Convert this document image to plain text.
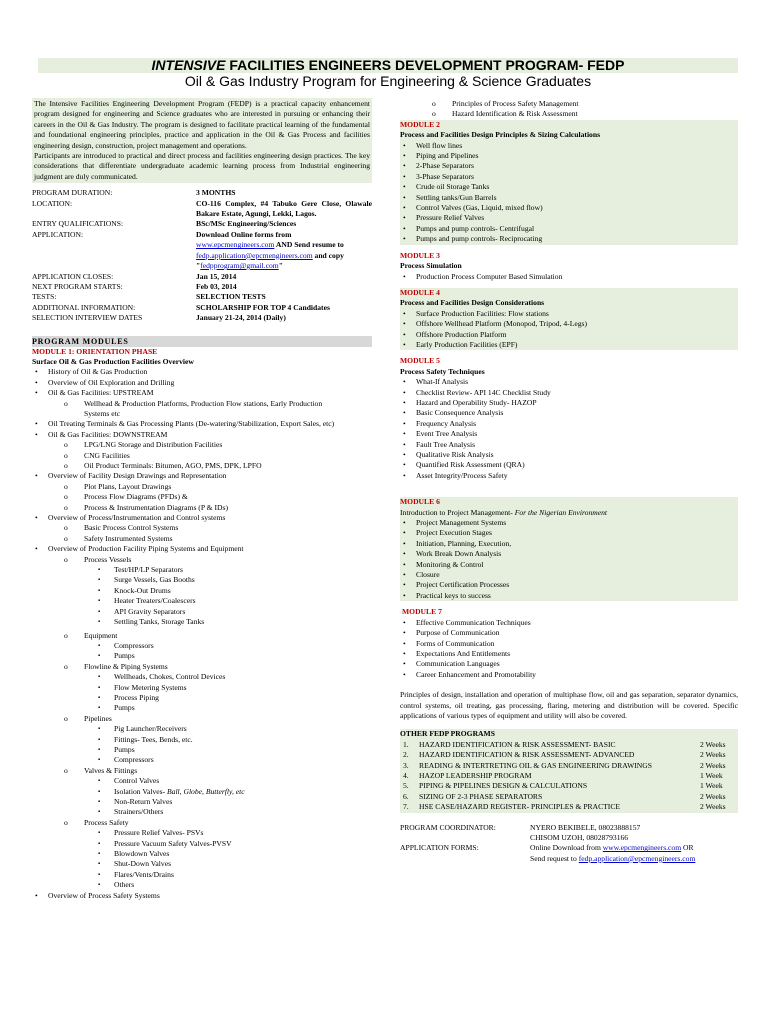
INTENSIVE FACILITIES ENGINEERS DEVELOPMENT PROGRAM- FEDP
Oil & Gas Industry Program for Engineering & Science Graduates

The Intensive Facilities Engineering Development Program (FEDP) is a practical capacity enhancement program designed for engineering and Science graduates who are interested in pursuing or enhancing their careers in the Oil & Gas Industry. The program is designed to facilitate practical learning of the fundamental and foundational engineering principles, practice and application in the Oil & Gas Process and facilities engineering design, construction, project management and operations.

Participants are introduced to practical and direct process and facilities engineering design practices. The key considerations that differentiate undergraduate academic learning process from Industrial engineering judgment are duly communicated.

PROGRAM DURATION:	3 MONTHS
LOCATION:	CO-116 Complex, #4 Tabuko Gere Close, Olawale Bakare Estate, Agungi, Lekki, Lagos.
ENTRY QUALIFICATIONS:	BSc/MSc Engineering/Sciences
APPLICATION:	Download Online forms from
www.epcmengineers.com AND Send resume to fedp.application@epcmengineers.com and copy "fedpprogram@gmail.com"
APPLICATION CLOSES:	Jan 15, 2014
NEXT PROGRAM STARTS:	Feb 03, 2014
TESTS:	SELECTION TESTS
ADDITIONAL INFORMATION:	SCHOLARSHIP FOR TOP 4 Candidates
SELECTION INTERVIEW DATES	January 21-24, 2014 (Daily)
PROGRAM MODULES
MODULE 1: ORIENTATION PHASE
Surface Oil & Gas Production Facilities Overview
• History of Oil & Gas Production
• Overview of Oil Exploration and Drilling
• Oil & Gas Facilities: UPSTREAM
o Wellhead & Production Platforms, Production Flow stations, Early Production
Systems etc
• Oil Treating Terminals & Gas Processing Plants (De-watering/Stabilization, Export Sales, etc)
• Oil & Gas Facilities: DOWNSTREAM
o LPG/LNG Storage and Distribution Facilities
o CNG Facilities
o Oil Product Terminals: Bitumen, AGO, PMS, DPK, LPFO
• Overview of Facility Design Drawings and Representation
o Plot Plans, Layout Drawings
o Process Flow Diagrams (PFDs) &
o Process & Instrumentation Diagrams (P & IDs)
• Overview of Process/Instrumentation and Control systems
o Basic Process Control Systems
o Safety Instrumented Systems
• Overview of Production Facility Piping Systems and Equipment
o Process Vessels
▪ Test/HP/LP Separators
▪ Surge Vessels, Gas Booths
▪ Knock-Out Drums
▪ Heater Treaters/Coalescers
▪ API Gravity Separators
▪ Settling Tanks, Storage Tanks
o Equipment
▪ Compressors
▪ Pumps
o Flowline & Piping Systems
▪ Wellheads, Chokes, Control Devices
▪ Flow Metering Systems
▪ Process Piping
▪ Pumps
o Pipelines
▪ Pig Launcher/Receivers
▪ Fittings- Tees, Bends, etc.
▪ Pumps
▪ Compressors
o Valves & Fittings
▪ Control Valves
▪ Isolation Valves- Ball, Globe, Butterfly, etc
▪ Non-Return Valves
▪ Strainers/Others
o Process Safety
▪ Pressure Relief Valves- PSVs
▪ Pressure Vacuum Safety Valves-PVSV
▪ Blowdown Valves
▪ Shut-Down Valves
▪ Flares/Vents/Drains
▪ Others
• Overview of Process Safety Systems
o Principles of Process Safety Management
o Hazard Identification & Risk Assessment
MODULE 2
Process and Facilities Design Principles & Sizing Calculations
• Well flow lines
• Piping and Pipelines
• 2-Phase Separators
• 3-Phase Separators
• Crude oil Storage Tanks
• Settling tanks/Gun Barrels
• Control Valves (Gas, Liquid, mixed flow)
• Pressure Relief Valves
• Pumps and pump controls- Centrifugal
• Pumps and pump controls- Reciprocating
MODULE 3
Process Simulation
• Production Process Computer Based Simulation
MODULE 4
Process and Facilities Design Considerations
• Surface Production Facilities: Flow stations
• Offshore Wellhead Platform (Monopod, Tripod, 4-Legs)
• Offshore Production Platform
• Early Production Facilities (EPF)
MODULE 5
Process Safety Techniques
• What-If Analysis
• Checklist Review- API 14C Checklist Study
• Hazard and Operability Study- HAZOP
• Basic Consequence Analysis
• Frequency Analysis
• Event Tree Analysis
• Fault Tree Analysis
• Qualitative Risk Analysis
• Quantified Risk Assessment (QRA)
• Asset Integrity/Process Safety
MODULE 6
Introduction to Project Management- For the Nigerian Environment
• Project Management Systems
• Project Execution Stages
• Initiation, Planning, Execution,
• Work Break Down Analysis
• Monitoring & Control
• Closure
• Project Certification Processes
• Practical keys to success
MODULE 7
• Effective Communication Techniques
• Purpose of Communication
• Forms of Communication
• Expectations And Entitlements
• Communication Languages
• Career Enhancement and Promotability
Principles of design, installation and operation of multiphase flow, oil and gas separation, separator dynamics, control systems, oil treating, gas processing, flaring, metering and distribution will be covered. Specific applications of various types of equipment and utility will also be covered.
OTHER FEDP PROGRAMS
1.	HAZARD IDENTIFICATION & RISK ASSESSMENT- BASIC	2 Weeks
2.	HAZARD IDENTIFICATION & RISK ASSESSMENT- ADVANCED	2 Weeks
3.	READING & INTERTRETING OIL & GAS ENGINEERING DRAWINGS	2 Weeks
4.	HAZOP LEADERSHIP PROGRAM	1 Week
5.	PIPING & PIPELINES DESIGN & CALCULATIONS	1 Week
6.	SIZING OF 2-3 PHASE SEPARATORS	2 Weeks
7.	HSE CASE/HAZARD REGISTER- PRINCIPLES & PRACTICE	2 Weeks
PROGRAM COORDINATOR:	NYERO BEKIBELE, 08023888157
	CHISOM UZOH, 08028793166
APPLICATION FORMS:	Online Download from www.epcmengineers.com OR
Send request to fedp.application@epcmengineers.com
